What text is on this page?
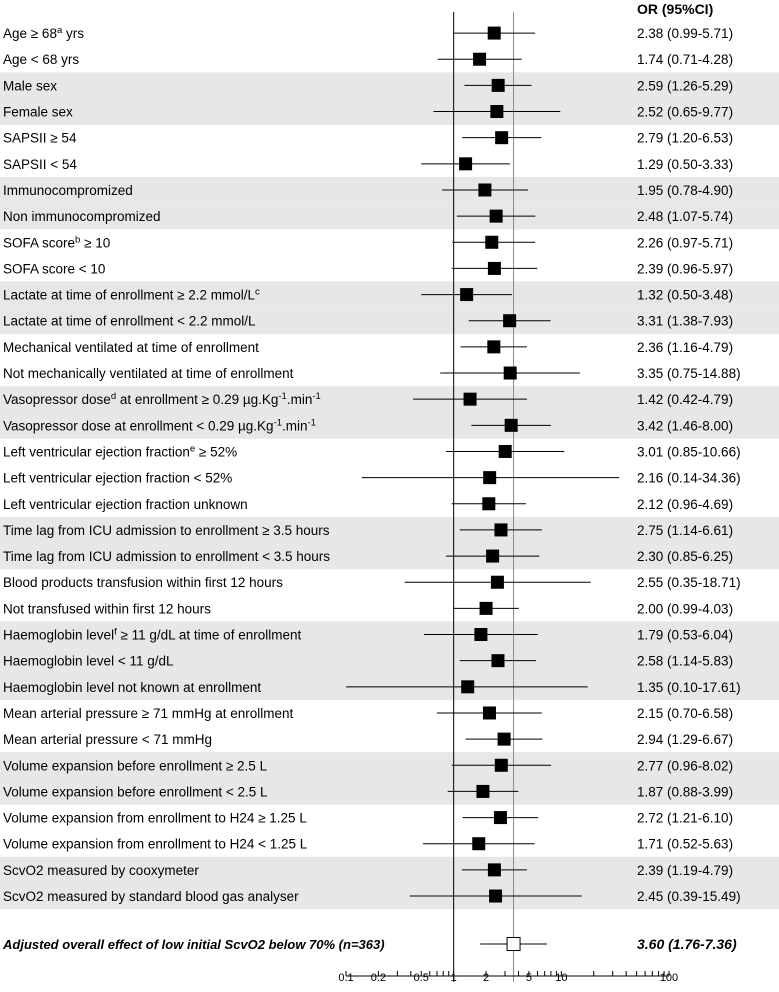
Age ≥ $68^a$ yrs	2.38 (0.99-5.71)
Age < 68 yrs	1.74 (0.71-4.28)
Male sex	2.59 (1.26-5.29)
Female sex	2.52 (0.65-9.77)
SAPSII ≥ 54	2.79 (1.20-6.53)
SAPSII < 54	1.29 (0.50-3.33)
Immunocompromized	1.95 (0.78-4.90)
Non immunocompromized	2.48 (1.07-5.74)
SOFA score$^b$ ≥ 10	2.26 (0.97-5.71)
SOFA score < 10	2.39 (0.96-5.97)
Lactate at time of enrollment ≥ 2.2 mmol/$L^c$	1.32 (0.50-3.48)
Lactate at time of enrollment < 2.2 mmol/L	3.31 (1.38-7.93)
Mechanical ventilated at time of enrollment	2.36 (1.16-4.79)
Not mechanically ventilated at time of enrollment	3.35 (0.75-14.88)
Vasopressor dose$^d$ at enrollment ≥ 0.29 $\mu g.Kg^{-1}.\min^{-1}$	1.42 (0.42-4.79)
Vasopressor dose at enrollment < 0.29 $\mu g.Kg^{-1}.\min^{-1}$	3.42 (1.46-8.00)
Left ventricular ejection fraction$^e$ ≥ 52%	3.01 (0.85-10.66)
Left ventricular ejection fraction < 52%	2.16 (0.14-34.36)
Left ventricular ejection fraction unknown	2.12 (0.96-4.69)
Time lag from ICU admission to enrollment ≥ 3.5 hours	2.75 (1.14-6.61)
Time lag from ICU admission to enrollment < 3.5 hours	2.30 (0.85-6.25)
Blood products transfusion within first 12 hours	2.55 (0.35-18.71)
Not transfused within first 12 hours	2.00 (0.99-4.03)
Haemoglobin level$^f$ ≥ 11 g/dL at time of enrollment	1.79 (0.53-6.04)
Haemoglobin level < 11 g/dL	2.58 (1.14-5.83)
Haemoglobin level not known at enrollment	1.35 (0.10-17.61)
Mean arterial pressure ≥ 71 mmHg at enrollment	2.15 (0.70-6.58)
Mean arterial pressure < 71 mmHg	2.94 (1.29-6.67)
Volume expansion before enrollment ≥ 2.5 L	2.77 (0.96-8.02)
Volume expansion before enrollment < 2.5 L	1.87 (0.88-3.99)
Volume expansion from enrollment to H24 ≥ 1.25 L	2.72 (1.21-6.10)
Volume expansion from enrollment to H24 < 1.25 L	1.71 (0.52-5.63)
ScvO2 measured by cooxymeter	2.39 (1.19-4.79)
ScvO2 measured by standard blood gas analyser	2.45 (0.39-15.49)
Adjusted overall effect of low initial ScvO2 below 70% (n=363)	3.60 (1.76-7.36)
0.1 0.2	0.5 1 2	5 10	100
OR (95%CI)
